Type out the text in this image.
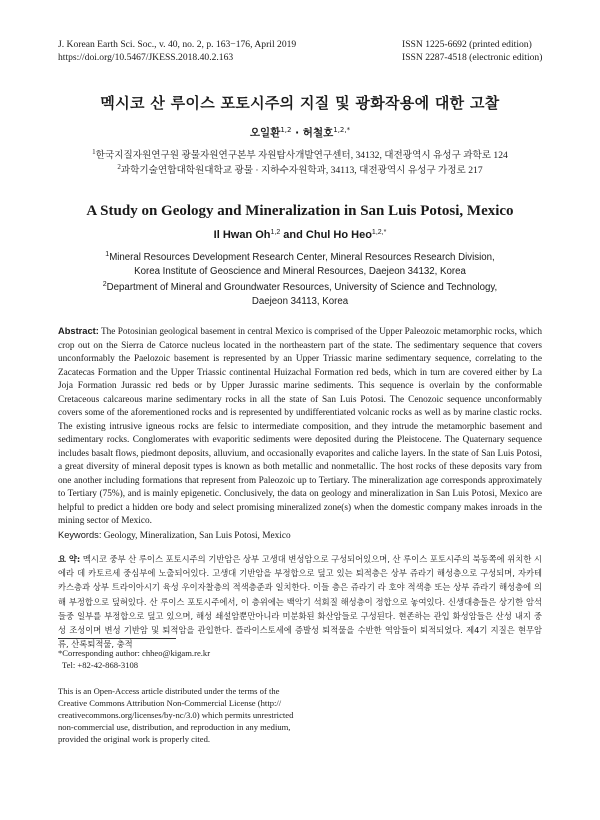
J. Korean Earth Sci. Soc., v. 40, no. 2, p. 163−176, April 2019
https://doi.org/10.5467/JKESS.2018.40.2.163
ISSN 1225-6692 (printed edition)
ISSN 2287-4518 (electronic edition)
멕시코 산 루이스 포토시주의 지질 및 광화작용에 대한 고찰
오일환$^{1,2}$ · 허철호$^{1,2,*}$
$^1$한국지질자원연구원 광물자원연구본부 자원탐사개발연구센터, 34132, 대전광역시 유성구 과학로 124
$^2$과학기술연합대학원대학교 광물 · 지하수자원학과, 34113, 대전광역시 유성구 가정로 217
A Study on Geology and Mineralization in San Luis Potosi, Mexico
Il Hwan Oh$^{1,2}$ and Chul Ho Heo$^{1,2,*}$
$^1$Mineral Resources Development Research Center, Mineral Resources Research Division,
Korea Institute of Geoscience and Mineral Resources, Daejeon 34132, Korea
$^2$Department of Mineral and Groundwater Resources, University of Science and Technology,
Daejeon 34113, Korea
Abstract: The Potosinian geological basement in central Mexico is comprised of the Upper Paleozoic metamorphic rocks, which crop out on the Sierra de Catorce nucleus located in the northeastern part of the state. The sedimentary sequence that covers unconformably the Paelozoic basement is represented by an Upper Triassic marine sedimentary sequence, correlating to the Zacatecas Formation and the Upper Triassic continental Huizachal Formation red beds, which in turn are covered either by La Joja Formation Jurassic red beds or by Upper Jurassic marine sediments. This sequence is overlain by the conformable Cretaceous calcareous marine sedimentary rocks in all the state of San Luis Potosi. The Cenozoic sequence unconformably covers some of the aforementioned rocks and is represented by undifferentiated volcanic rocks as well as by marine clastic rocks. The existing intrusive igneous rocks are felsic to intermediate composition, and they intrude the metamorphic basement and sedimentary rocks. Conglomerates with evaporitic sediments were deposited during the Pleistocene. The Quaternary sequence includes basalt flows, piedmont deposits, alluvium, and occasionally evaporites and caliche layers. In the state of San Luis Potosi, a great diversity of mineral deposit types is known as both metallic and nonmetallic. The host rocks of these deposits vary from one another including formations that represent from Paleozoic up to Tertiary. The mineralization age corresponds approximately to Tertiary (75%), and is mainly epigenetic. Conclusively, the data on geology and mineralization in San Luis Potosi, Mexico are helpful to predict a hidden ore body and select promising mineralized zone(s) when the domestic company makes inroads in the mining sector of Mexico.
Keywords: Geology, Mineralization, San Luis Potosi, Mexico
요 약: 멕시코 중부 산 루이스 포토시주의 기반암은 상부 고생대 변성암으로 구성되어있으며, 산 루이스 포토시주의 북동쪽에 위치한 시에라 데 카토르세 중심부에 노출되어있다. 고생대 기반암을 부정합으로 덮고 있는 퇴적층은 상부 쥬라기 해성층으로 구성되며, 자카테카스층과 상부 트라이아시기 육성 우이자찰층의 적색층준과 일치한다. 이들 층은 쥬라기 라 호야 적색층 또는 상부 쥬라기 해성층에 의해 부정합으로 덮혀있다. 산 루이스 포토시주에서, 이 층위에는 백악기 석회질 해성층이 정합으로 놓여있다. 신생대층들은 상기한 암석들중 일부를 부정합으로 덮고 있으며, 해성 쇄설암뿐만아니라 미분화된 화산암들로 구성된다. 현존하는 관입 화성암들은 산성 내지 중성 조성이며 변성 기반암 및 퇴적암을 관입한다. 플라이스토세에 증발성 퇴적물을 수반한 역암들이 퇴적되었다. 제4기 지질은 현무암류, 산록퇴적물, 충적
*Corresponding author: chheo@kigam.re.kr
Tel: +82-42-868-3108
This is an Open-Access article distributed under the terms of the Creative Commons Attribution Non-Commercial License (http:// creativecommons.org/licenses/by-nc/3.0) which permits unrestricted non-commercial use, distribution, and reproduction in any medium, provided the original work is properly cited.
